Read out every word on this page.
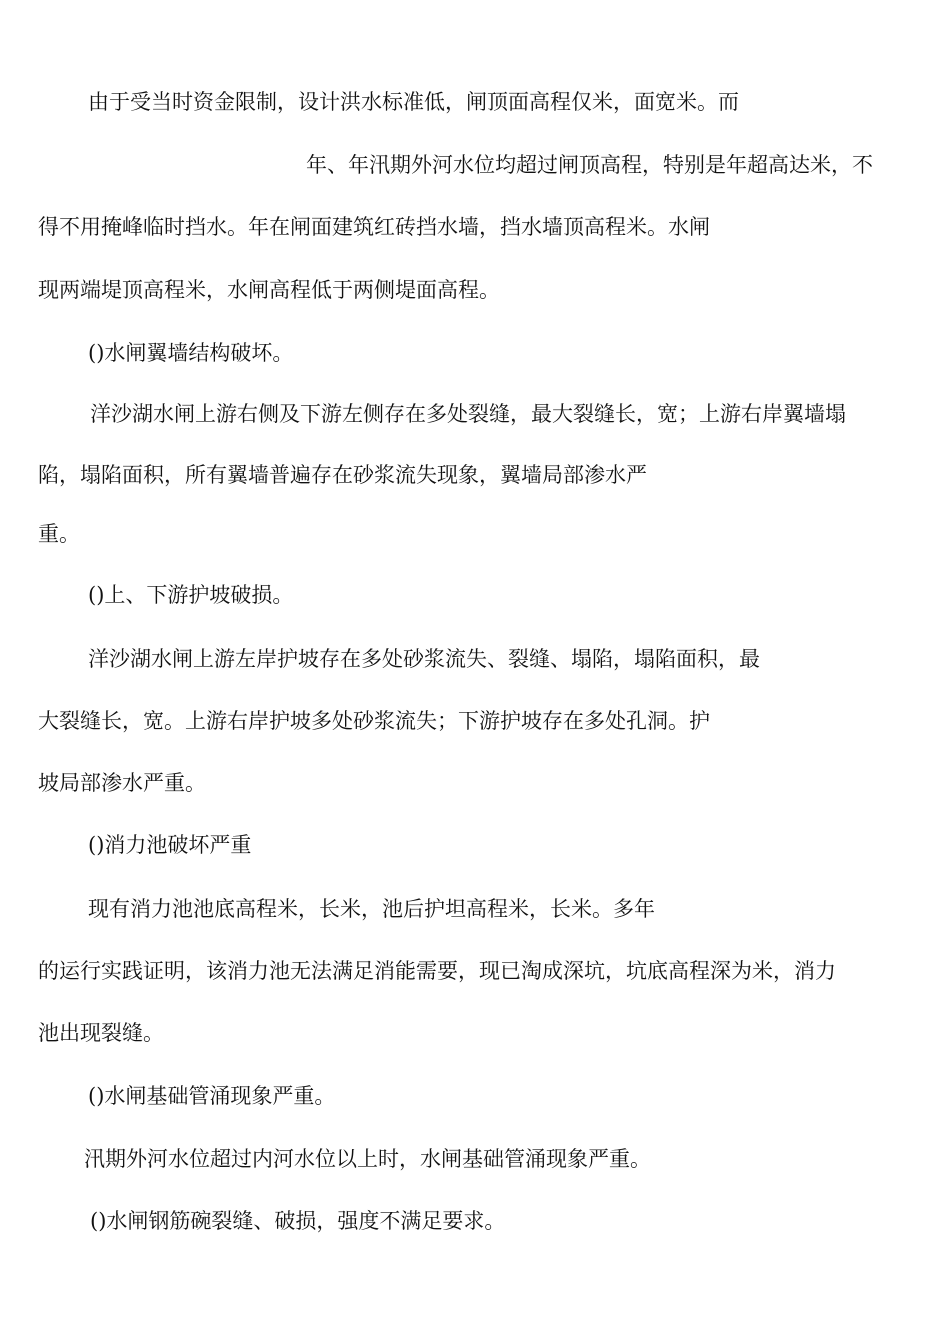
由于受当时资金限制，设计洪水标准低，闸顶面高程仅米，面宽米。而
年、年汛期外河水位均超过闸顶高程，特别是年超高达米，不
得不用掩峰临时挡水。年在闸面建筑红砖挡水墙，挡水墙顶高程米。水闸
现两端堤顶高程米，水闸高程低于两侧堤面高程。
()水闸翼墙结构破坏。
洋沙湖水闸上游右侧及下游左侧存在多处裂缝，最大裂缝长，宽；上游右岸翼墙塌
陷，塌陷面积，所有翼墙普遍存在砂浆流失现象，翼墙局部渗水严
重。
()上、下游护坡破损。
洋沙湖水闸上游左岸护坡存在多处砂浆流失、裂缝、塌陷，塌陷面积，最
大裂缝长，宽。上游右岸护坡多处砂浆流失；下游护坡存在多处孔洞。护
坡局部渗水严重。
()消力池破坏严重
现有消力池池底高程米，长米，池后护坦高程米，长米。多年
的运行实践证明，该消力池无法满足消能需要，现已淘成深坑，坑底高程深为米，消力
池出现裂缝。
()水闸基础管涌现象严重。
汛期外河水位超过内河水位以上时，水闸基础管涌现象严重。
()水闸钢筋碗裂缝、破损，强度不满足要求。
